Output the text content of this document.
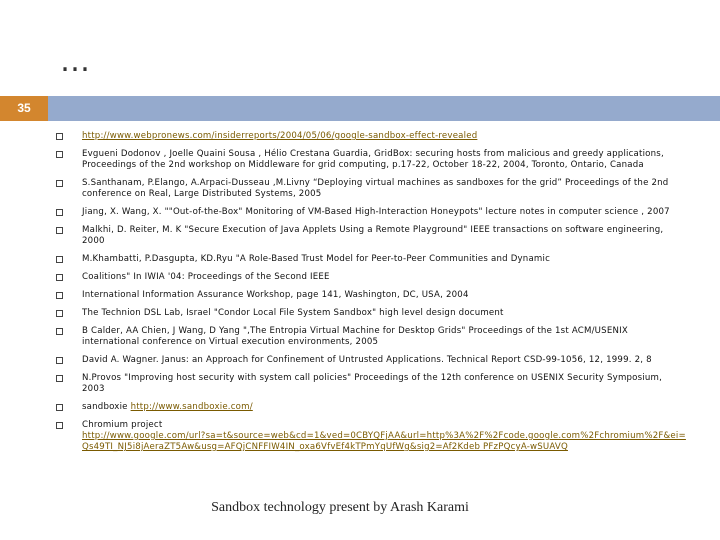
…
35
http://www.webpronews.com/insiderreports/2004/05/06/google-sandbox-effect-revealed
Evgueni Dodonov , Joelle Quaini Sousa , Hélio Crestana Guardia, GridBox: securing hosts from malicious and greedy applications, Proceedings of the 2nd workshop on Middleware for grid computing, p.17-22, October 18-22, 2004, Toronto, Ontario, Canada
S.Santhanam, P.Elango, A.Arpaci-Dusseau ,M.Livny “Deploying virtual machines as sandboxes for the grid” Proceedings of the 2nd conference on Real, Large Distributed Systems, 2005
Jiang, X. Wang, X. ""Out-of-the-Box" Monitoring of VM-Based High-Interaction Honeypots" lecture notes in computer science , 2007
Malkhi, D. Reiter, M. K "Secure Execution of Java Applets Using a Remote Playground" IEEE transactions on software engineering, 2000
M.Khambatti, P.Dasgupta, KD.Ryu "A Role-Based Trust Model for Peer-to-Peer Communities and Dynamic
Coalitions" In IWIA '04: Proceedings of the Second IEEE
International Information Assurance Workshop, page 141, Washington, DC, USA, 2004
The Technion DSL Lab, Israel "Condor Local File System Sandbox" high level design document
B Calder, AA Chien, J Wang, D Yang ",The Entropia Virtual Machine for Desktop Grids" Proceedings of the 1st ACM/USENIX international conference on Virtual execution environments, 2005
David A. Wagner. Janus: an Approach for Confinement of Untrusted Applications. Technical Report CSD-99-1056, 12, 1999. 2, 8
N.Provos "Improving host security with system call policies" Proceedings of the 12th conference on USENIX Security Symposium, 2003
sandboxie http://www.sandboxie.com/
Chromium project
http://www.google.com/url?sa=t&source=web&cd=1&ved=0CBYQFjAA&url=http%3A%2F%2Fcode.google.com%2Fchromium%2F&ei=Qs49TI_NJ5i8jAeraZT5Aw&usg=AFQjCNFFIW4IN_oxa6VfvEf4kTPmYqUfWg&sig2=Af2Kdeb PFzPQcyA-wSUAVQ
Sandbox technology present by Arash Karami
